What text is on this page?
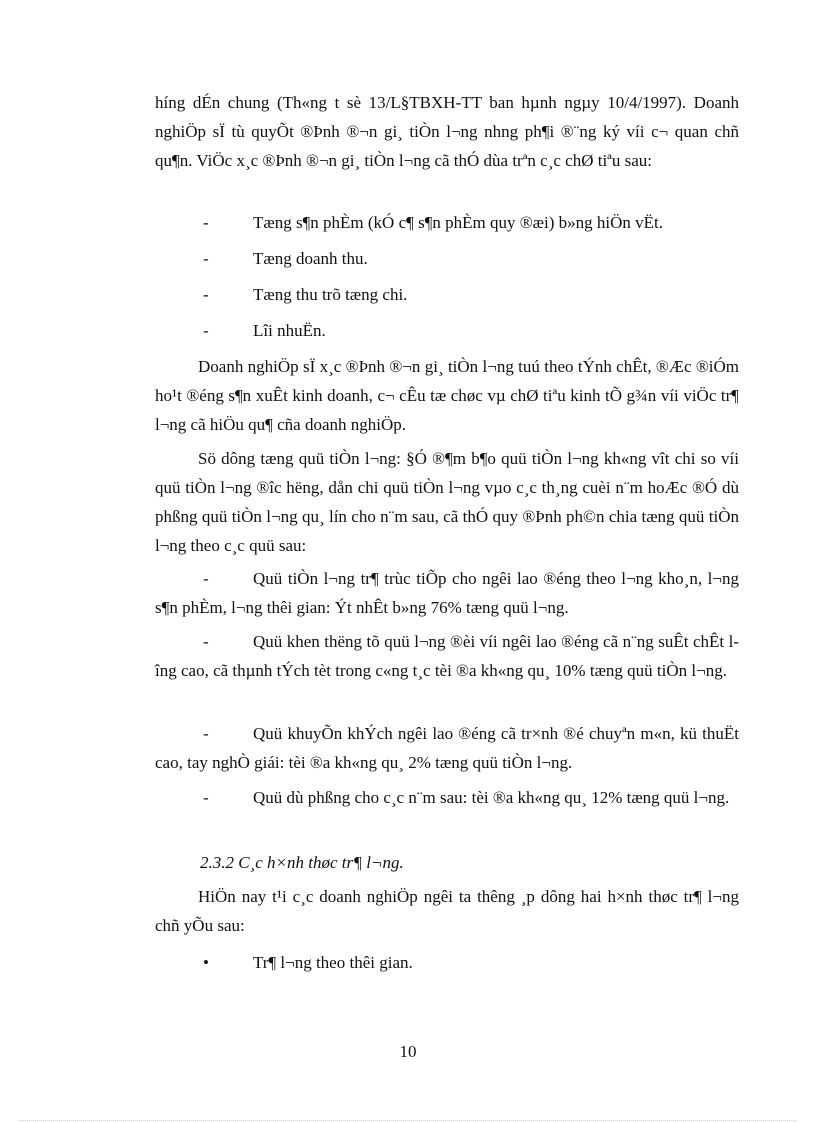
híng dÉn chung (Th«ng t sè 13/L§TBXH-TT ban hµnh ngµy 10/4/1997). Doanh nghiÖp sÏ tù quyÕt ®Þnh ®¬n gi¸ tiÒn l¬ng nhng ph¶i ®¨ng ký víi c¬ quan chñ qu¶n. ViÖc x¸c ®Þnh ®¬n gi¸ tiÒn l¬ng cã thÓ dùa trªn c¸c chØ tiªu sau:

-	Tæng s¶n phÈm (kÓ c¶ s¶n phÈm quy ®æi) b»ng hiÖn vËt.
-	Tæng doanh thu.
-	Tæng thu trõ tæng chi.
-	Lîi nhuËn.

Doanh nghiÖp sÏ x¸c ®Þnh ®¬n gi¸ tiÒn l¬ng tuú theo tÝnh chÊt, ®Æc ®iÓm ho¹t ®éng s¶n xuÊt kinh doanh, c¬ cÊu tæ chøc vµ chØ tiªu kinh tÕ g¾n víi viÖc tr¶ l¬ng cã hiÖu qu¶ cña doanh nghiÖp.

Sö dông tæng quü tiÒn l¬ng: §Ó ®¶m b¶o quü tiÒn l¬ng kh«ng vît chi so víi quü tiÒn l¬ng ®îc hëng, dån chi quü tiÒn l¬ng vµo c¸c th¸ng cuèi n¨m hoÆc ®Ó dù phßng quü tiÒn l¬ng qu¸ lín cho n¨m sau, cã thÓ quy ®Þnh ph©n chia tæng quü tiÒn l¬ng theo c¸c quü sau:

-	Quü tiÒn l¬ng tr¶ trùc tiÕp cho ngêi lao ®éng theo l¬ng kho¸n, l¬ng s¶n phÈm, l¬ng thêi gian: Ýt nhÊt b»ng 76% tæng quü l¬ng.
-	Quü khen thëng tõ quü l¬ng ®èi víi ngêi lao ®éng cã n¨ng suÊt chÊt lîng cao, cã thµnh tÝch tèt trong c«ng t¸c tèi ®a kh«ng qu¸ 10% tæng quü tiÒn l¬ng.
-	Quü khuyÕn khÝch ngêi lao ®éng cã tr×nh ®é chuyªn m«n, kü thuËt cao, tay nghÒ giái: tèi ®a kh«ng qu¸ 2% tæng quü tiÒn l¬ng.
-	Quü dù phßng cho c¸c n¨m sau: tèi ®a kh«ng qu¸ 12% tæng quü l¬ng.
2.3.2 C¸c h×nh thøc tr¶ l¬ng.

HiÖn nay t¹i c¸c doanh nghiÖp ngêi ta thêng ¸p dông hai h×nh thøc tr¶ l¬ng chñ yÕu sau:

•	Tr¶ l¬ng theo thêi gian.
10
